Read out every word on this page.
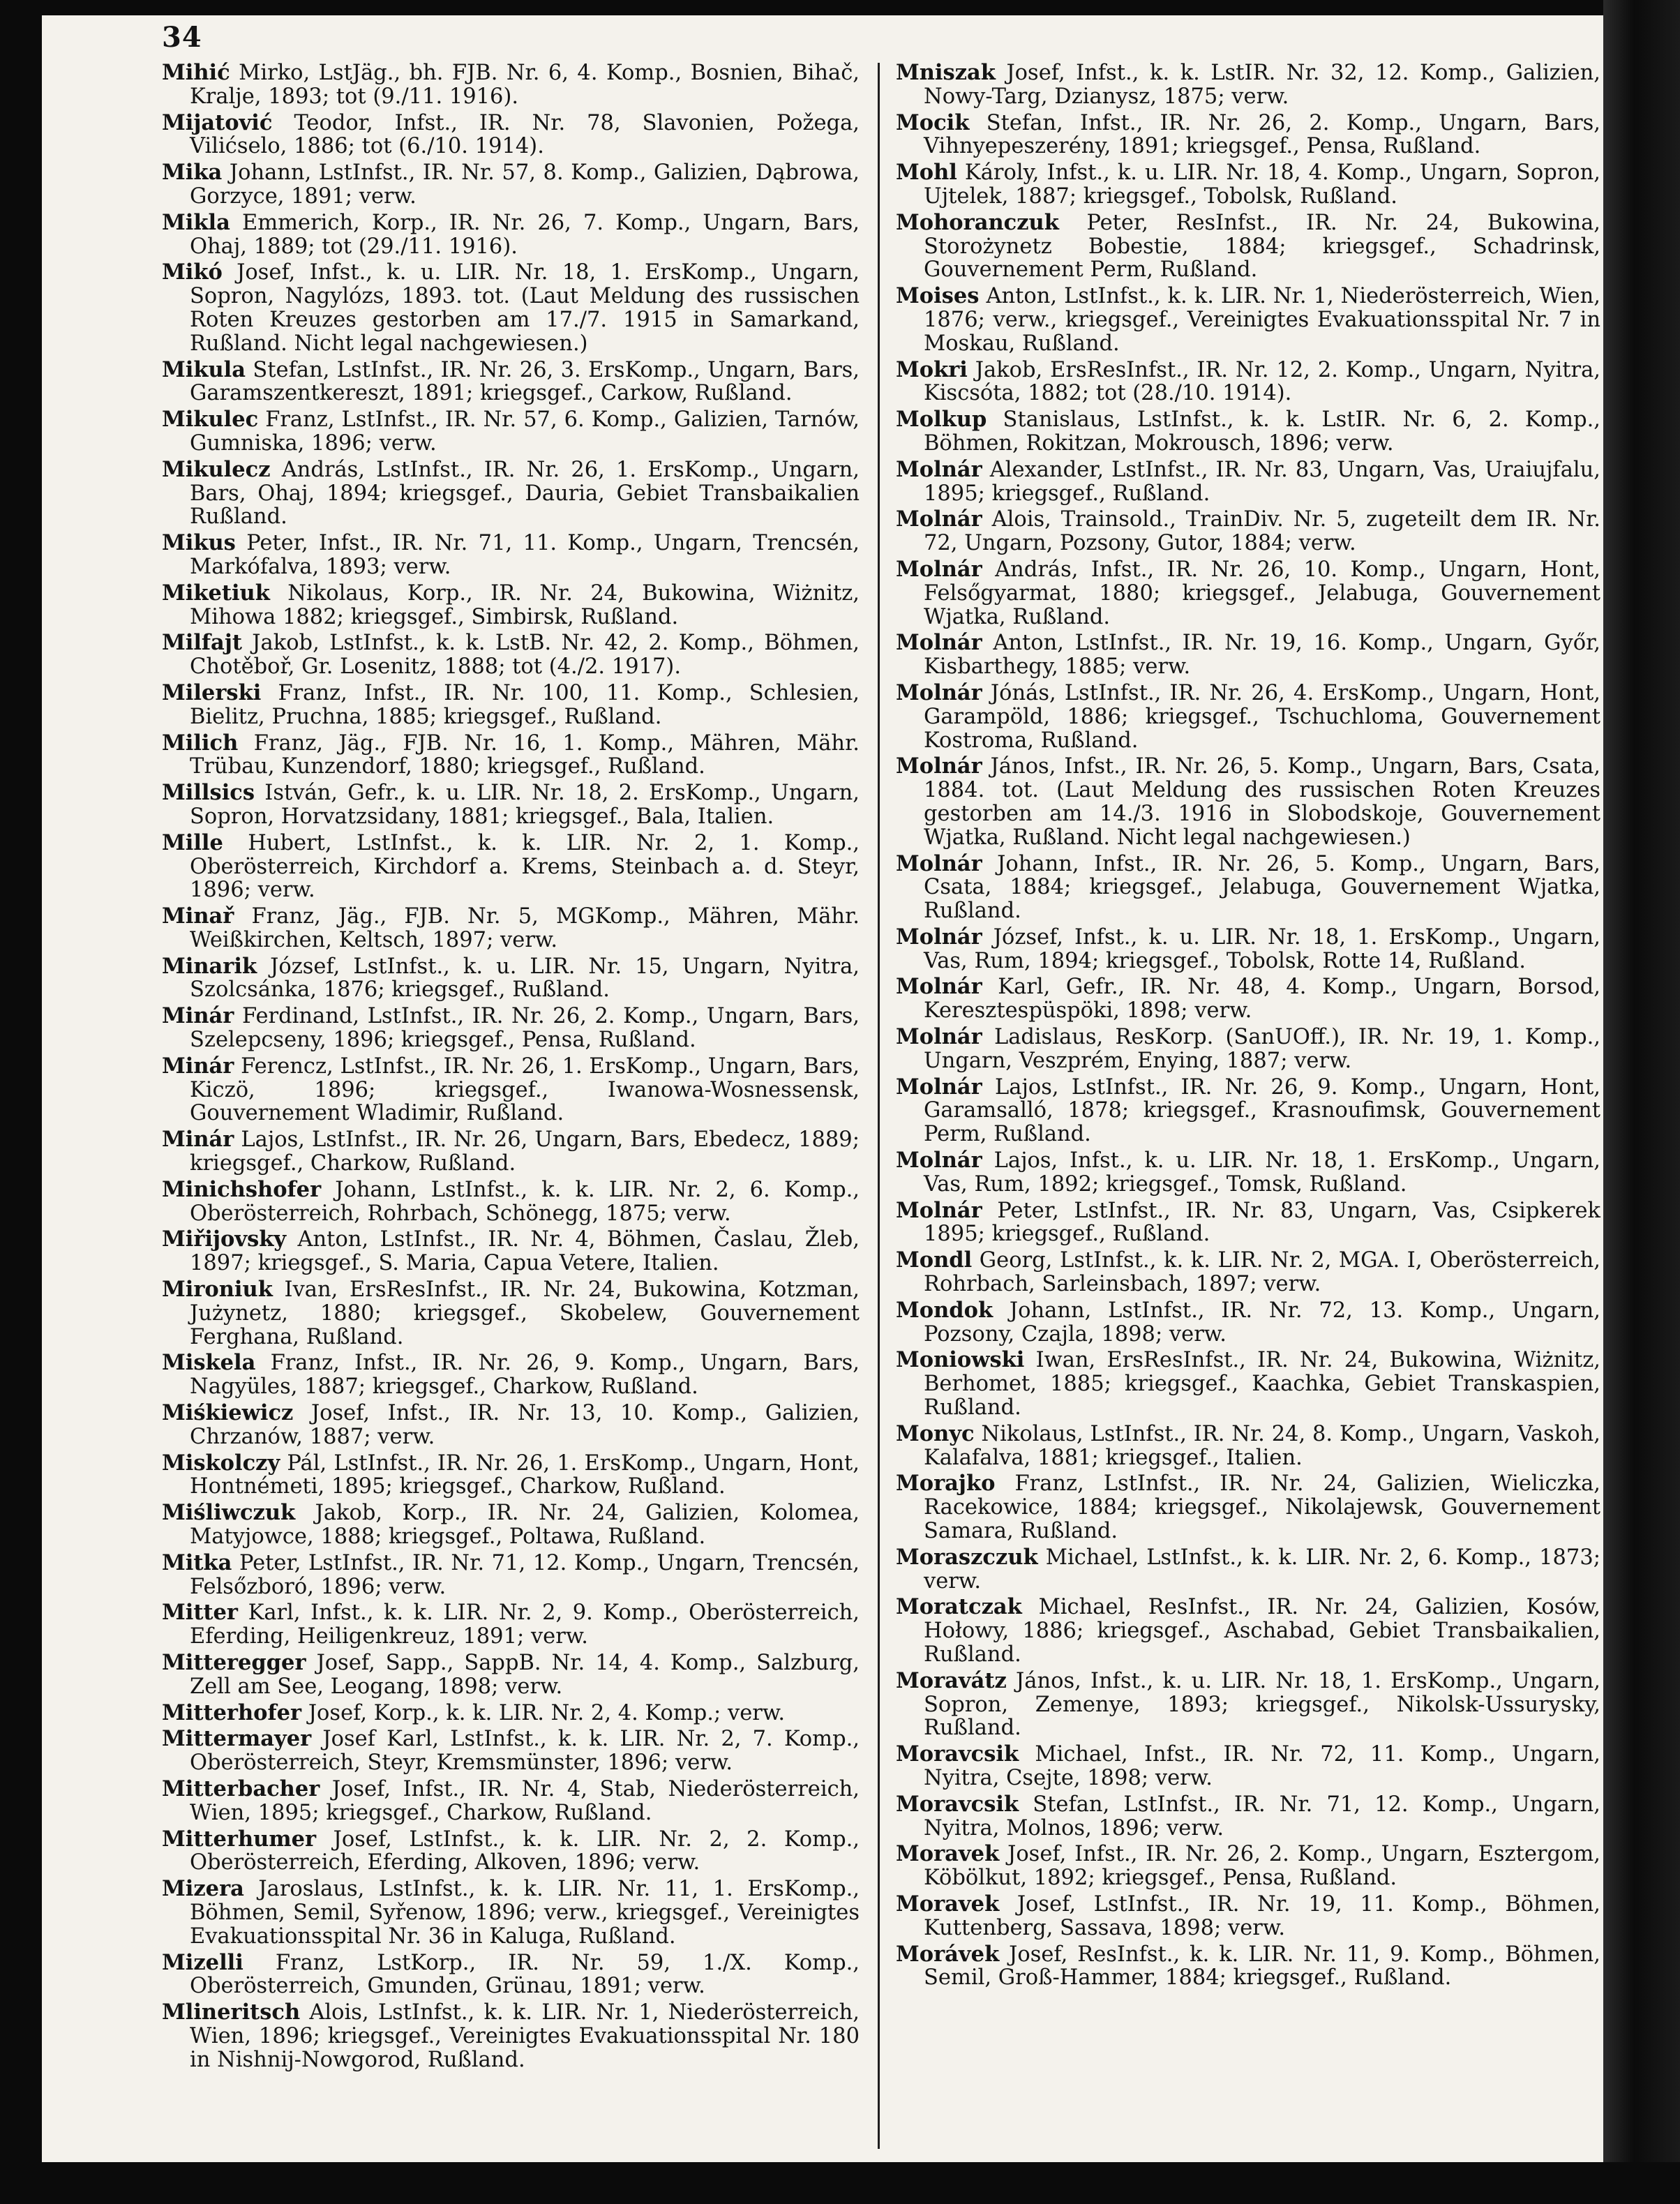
34
Mihić Mirko, LstJäg., bh. FJB. Nr. 6, 4. Komp., Bosnien, Bihač, Kralje, 1893; tot (9./11. 1916).
Mijatović Teodor, Infst., IR. Nr. 78, Slavonien, Požega, Vilićselo, 1886; tot (6./10. 1914).
Mika Johann, LstInfst., IR. Nr. 57, 8. Komp., Galizien, Dąbrowa, Gorzyce, 1891; verw.
Mikla Emmerich, Korp., IR. Nr. 26, 7. Komp., Ungarn, Bars, Ohaj, 1889; tot (29./11. 1916).
Mikó Josef, Infst., k. u. LIR. Nr. 18, 1. ErsKomp., Ungarn, Sopron, Nagylózs, 1893. tot. (Laut Meldung des russischen Roten Kreuzes gestorben am 17./7. 1915 in Samarkand, Rußland. Nicht legal nachgewiesen.)
Mikula Stefan, LstInfst., IR. Nr. 26, 3. ErsKomp., Ungarn, Bars, Garamszentkereszt, 1891; kriegsgef., Carkow, Rußland.
Mikulec Franz, LstInfst., IR. Nr. 57, 6. Komp., Galizien, Tarnów, Gumniska, 1896; verw.
Mikulecz András, LstInfst., IR. Nr. 26, 1. ErsKomp., Ungarn, Bars, Ohaj, 1894; kriegsgef., Dauria, Gebiet Transbaikalien Rußland.
Mikus Peter, Infst., IR. Nr. 71, 11. Komp., Ungarn, Trencsén, Markófalva, 1893; verw.
Miketiuk Nikolaus, Korp., IR. Nr. 24, Bukowina, Wiżnitz, Mihowa 1882; kriegsgef., Simbirsk, Rußland.
Milfajt Jakob, LstInfst., k. k. LstB. Nr. 42, 2. Komp., Böhmen, Chotěboř, Gr. Losenitz, 1888; tot (4./2. 1917).
Milerski Franz, Infst., IR. Nr. 100, 11. Komp., Schlesien, Bielitz, Pruchna, 1885; kriegsgef., Rußland.
Milich Franz, Jäg., FJB. Nr. 16, 1. Komp., Mähren, Mähr. Trübau, Kunzendorf, 1880; kriegsgef., Rußland.
Millsics István, Gefr., k. u. LIR. Nr. 18, 2. ErsKomp., Ungarn, Sopron, Horvatzsidany, 1881; kriegsgef., Bala, Italien.
Mille Hubert, LstInfst., k. k. LIR. Nr. 2, 1. Komp., Oberösterreich, Kirchdorf a. Krems, Steinbach a. d. Steyr, 1896; verw.
Minař Franz, Jäg., FJB. Nr. 5, MGKomp., Mähren, Mähr. Weißkirchen, Keltsch, 1897; verw.
Minarik József, LstInfst., k. u. LIR. Nr. 15, Ungarn, Nyitra, Szolcsánka, 1876; kriegsgef., Rußland.
Minár Ferdinand, LstInfst., IR. Nr. 26, 2. Komp., Ungarn, Bars, Szelepcseny, 1896; kriegsgef., Pensa, Rußland.
Minár Ferencz, LstInfst., IR. Nr. 26, 1. ErsKomp., Ungarn, Bars, Kiczö, 1896; kriegsgef., Iwanowa-Wosnessensk, Gouvernement Wladimir, Rußland.
Minár Lajos, LstInfst., IR. Nr. 26, Ungarn, Bars, Ebedecz, 1889; kriegsgef., Charkow, Rußland.
Minichshofer Johann, LstInfst., k. k. LIR. Nr. 2, 6. Komp., Oberösterreich, Rohrbach, Schönegg, 1875; verw.
Miřijovsky Anton, LstInfst., IR. Nr. 4, Böhmen, Časlau, Žleb, 1897; kriegsgef., S. Maria, Capua Vetere, Italien.
Mironiuk Ivan, ErsResInfst., IR. Nr. 24, Bukowina, Kotzman, Jużynetz, 1880; kriegsgef., Skobelew, Gouvernement Ferghana, Rußland.
Miskela Franz, Infst., IR. Nr. 26, 9. Komp., Ungarn, Bars, Nagyüles, 1887; kriegsgef., Charkow, Rußland.
Miśkiewicz Josef, Infst., IR. Nr. 13, 10. Komp., Galizien, Chrzanów, 1887; verw.
Miskolczy Pál, LstInfst., IR. Nr. 26, 1. ErsKomp., Ungarn, Hont, Hontnémeti, 1895; kriegsgef., Charkow, Rußland.
Miśliwczuk Jakob, Korp., IR. Nr. 24, Galizien, Kolomea, Matyjowce, 1888; kriegsgef., Poltawa, Rußland.
Mitka Peter, LstInfst., IR. Nr. 71, 12. Komp., Ungarn, Trencsén, Felsőzboró, 1896; verw.
Mitter Karl, Infst., k. k. LIR. Nr. 2, 9. Komp., Oberösterreich, Eferding, Heiligenkreuz, 1891; verw.
Mitteregger Josef, Sapp., SappB. Nr. 14, 4. Komp., Salzburg, Zell am See, Leogang, 1898; verw.
Mitterhofer Josef, Korp., k. k. LIR. Nr. 2, 4. Komp.; verw.
Mittermayer Josef Karl, LstInfst., k. k. LIR. Nr. 2, 7. Komp., Oberösterreich, Steyr, Kremsmünster, 1896; verw.
Mitterbacher Josef, Infst., IR. Nr. 4, Stab, Niederösterreich, Wien, 1895; kriegsgef., Charkow, Rußland.
Mitterhumer Josef, LstInfst., k. k. LIR. Nr. 2, 2. Komp., Oberösterreich, Eferding, Alkoven, 1896; verw.
Mizera Jaroslaus, LstInfst., k. k. LIR. Nr. 11, 1. ErsKomp., Böhmen, Semil, Syřenow, 1896; verw., kriegsgef., Vereinigtes Evakuationsspital Nr. 36 in Kaluga, Rußland.
Mizelli Franz, LstKorp., IR. Nr. 59, 1./X. Komp., Oberösterreich, Gmunden, Grünau, 1891; verw.
Mlineritsch Alois, LstInfst., k. k. LIR. Nr. 1, Niederösterreich, Wien, 1896; kriegsgef., Vereinigtes Evakuationsspital Nr. 180 in Nishnij-Nowgorod, Rußland.
Mniszak Josef, Infst., k. k. LstIR. Nr. 32, 12. Komp., Galizien, Nowy-Targ, Dzianysz, 1875; verw.
Mocik Stefan, Infst., IR. Nr. 26, 2. Komp., Ungarn, Bars, Vihnyepeszerény, 1891; kriegsgef., Pensa, Rußland.
Mohl Károly, Infst., k. u. LIR. Nr. 18, 4. Komp., Ungarn, Sopron, Ujtelek, 1887; kriegsgef., Tobolsk, Rußland.
Mohoranczuk Peter, ResInfst., IR. Nr. 24, Bukowina, Storożynetz Bobestie, 1884; kriegsgef., Schadrinsk, Gouvernement Perm, Rußland.
Moises Anton, LstInfst., k. k. LIR. Nr. 1, Niederösterreich, Wien, 1876; verw., kriegsgef., Vereinigtes Evakuationsspital Nr. 7 in Moskau, Rußland.
Mokri Jakob, ErsResInfst., IR. Nr. 12, 2. Komp., Ungarn, Nyitra, Kiscsóta, 1882; tot (28./10. 1914).
Molkup Stanislaus, LstInfst., k. k. LstIR. Nr. 6, 2. Komp., Böhmen, Rokitzan, Mokrousch, 1896; verw.
Molnár Alexander, LstInfst., IR. Nr. 83, Ungarn, Vas, Uraiujfalu, 1895; kriegsgef., Rußland.
Molnár Alois, Trainsold., TrainDiv. Nr. 5, zugeteilt dem IR. Nr. 72, Ungarn, Pozsony, Gutor, 1884; verw.
Molnár András, Infst., IR. Nr. 26, 10. Komp., Ungarn, Hont, Felsőgyarmat, 1880; kriegsgef., Jelabuga, Gouvernement Wjatka, Rußland.
Molnár Anton, LstInfst., IR. Nr. 19, 16. Komp., Ungarn, Győr, Kisbarthegy, 1885; verw.
Molnár Jónás, LstInfst., IR. Nr. 26, 4. ErsKomp., Ungarn, Hont, Garampöld, 1886; kriegsgef., Tschuchloma, Gouvernement Kostroma, Rußland.
Molnár János, Infst., IR. Nr. 26, 5. Komp., Ungarn, Bars, Csata, 1884. tot. (Laut Meldung des russischen Roten Kreuzes gestorben am 14./3. 1916 in Slobodskoje, Gouvernement Wjatka, Rußland. Nicht legal nachgewiesen.)
Molnár Johann, Infst., IR. Nr. 26, 5. Komp., Ungarn, Bars, Csata, 1884; kriegsgef., Jelabuga, Gouvernement Wjatka, Rußland.
Molnár József, Infst., k. u. LIR. Nr. 18, 1. ErsKomp., Ungarn, Vas, Rum, 1894; kriegsgef., Tobolsk, Rotte 14, Rußland.
Molnár Karl, Gefr., IR. Nr. 48, 4. Komp., Ungarn, Borsod, Keresztespüspöki, 1898; verw.
Molnár Ladislaus, ResKorp. (SanUOff.), IR. Nr. 19, 1. Komp., Ungarn, Veszprém, Enying, 1887; verw.
Molnár Lajos, LstInfst., IR. Nr. 26, 9. Komp., Ungarn, Hont, Garamsalló, 1878; kriegsgef., Krasnoufimsk, Gouvernement Perm, Rußland.
Molnár Lajos, Infst., k. u. LIR. Nr. 18, 1. ErsKomp., Ungarn, Vas, Rum, 1892; kriegsgef., Tomsk, Rußland.
Molnár Peter, LstInfst., IR. Nr. 83, Ungarn, Vas, Csipkerek 1895; kriegsgef., Rußland.
Mondl Georg, LstInfst., k. k. LIR. Nr. 2, MGA. I, Oberösterreich, Rohrbach, Sarleinsbach, 1897; verw.
Mondok Johann, LstInfst., IR. Nr. 72, 13. Komp., Ungarn, Pozsony, Czajla, 1898; verw.
Moniowski Iwan, ErsResInfst., IR. Nr. 24, Bukowina, Wiżnitz, Berhomet, 1885; kriegsgef., Kaachka, Gebiet Transkaspien, Rußland.
Monyc Nikolaus, LstInfst., IR. Nr. 24, 8. Komp., Ungarn, Vaskoh, Kalafalva, 1881; kriegsgef., Italien.
Morajko Franz, LstInfst., IR. Nr. 24, Galizien, Wieliczka, Racekowice, 1884; kriegsgef., Nikolajewsk, Gouvernement Samara, Rußland.
Moraszczuk Michael, LstInfst., k. k. LIR. Nr. 2, 6. Komp., 1873; verw.
Moratczak Michael, ResInfst., IR. Nr. 24, Galizien, Kosów, Hołowy, 1886; kriegsgef., Aschabad, Gebiet Transbaikalien, Rußland.
Moravátz János, Infst., k. u. LIR. Nr. 18, 1. ErsKomp., Ungarn, Sopron, Zemenye, 1893; kriegsgef., Nikolsk-Ussurysky, Rußland.
Moravcsik Michael, Infst., IR. Nr. 72, 11. Komp., Ungarn, Nyitra, Csejte, 1898; verw.
Moravcsik Stefan, LstInfst., IR. Nr. 71, 12. Komp., Ungarn, Nyitra, Molnos, 1896; verw.
Moravek Josef, Infst., IR. Nr. 26, 2. Komp., Ungarn, Esztergom, Köbölkut, 1892; kriegsgef., Pensa, Rußland.
Moravek Josef, LstInfst., IR. Nr. 19, 11. Komp., Böhmen, Kuttenberg, Sassava, 1898; verw.
Morávek Josef, ResInfst., k. k. LIR. Nr. 11, 9. Komp., Böhmen, Semil, Groß-Hammer, 1884; kriegsgef., Rußland.
